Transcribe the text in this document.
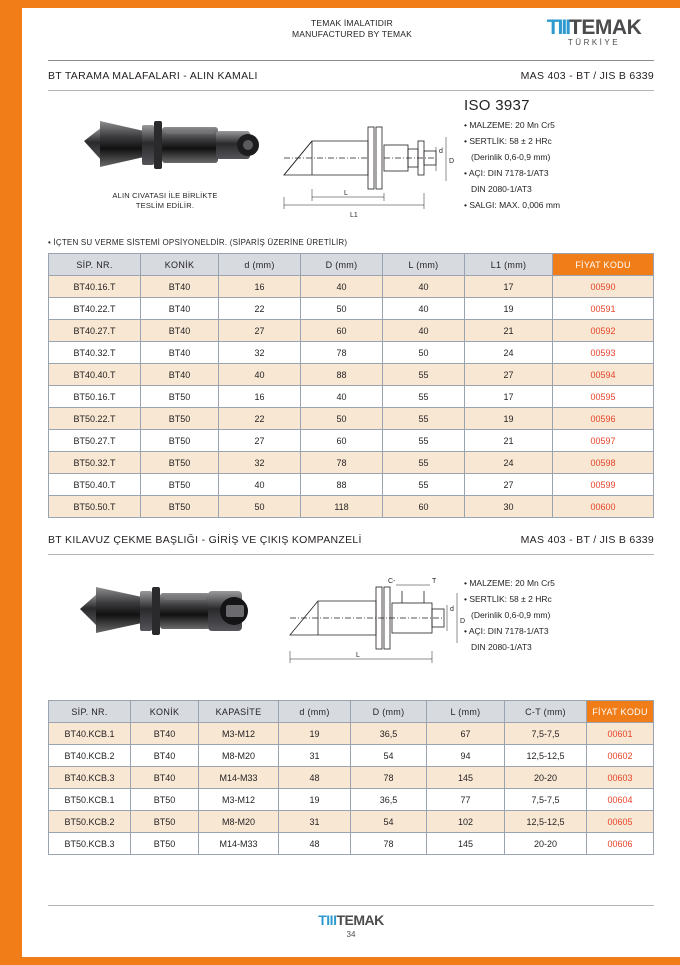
TEMAK İMALATIDIR
MANUFACTURED BY TEMAK	TIIITEMAK
TÜRKİYE
BT TARAMA MALAFALARI - ALIN KAMALI	MAS 403 - BT / JIS B 6339
ALIN CIVATASI İLE BİRLİKTE
TESLİM EDİLİR.
d
D
L
L1
ISO 3937
• MALZEME: 20 Mn Cr5
• SERTLİK: 58 ± 2 HRc
(Derinlik 0,6-0,9 mm)
• AÇI: DIN 7178-1/AT3
DIN 2080-1/AT3
• SALGI: MAX. 0,006 mm
• İÇTEN SU VERME SİSTEMİ OPSİYONELDİR. (SİPARİŞ ÜZERİNE ÜRETİLİR)
SİP. NR.	KONİK	d (mm)	D (mm)	L (mm)	L1 (mm)	FİYAT KODU
BT40.16.T	BT40	16	40	40	17	00590
BT40.22.T	BT40	22	50	40	19	00591
BT40.27.T	BT40	27	60	40	21	00592
BT40.32.T	BT40	32	78	50	24	00593
BT40.40.T	BT40	40	88	55	27	00594
BT50.16.T	BT50	16	40	55	17	00595
BT50.22.T	BT50	22	50	55	19	00596
BT50.27.T	BT50	27	60	55	21	00597
BT50.32.T	BT50	32	78	55	24	00598
BT50.40.T	BT50	40	88	55	27	00599
BT50.50.T	BT50	50	118	60	30	00600
BT KILAVUZ ÇEKME BAŞLIĞI - GİRİŞ VE ÇIKIŞ KOMPANZELİ	MAS 403 - BT / JIS B 6339
C-	T
d
D
L
• MALZEME: 20 Mn Cr5
• SERTLİK: 58 ± 2 HRc
(Derinlik 0,6-0,9 mm)
• AÇI: DIN 7178-1/AT3
DIN 2080-1/AT3
SİP. NR.	KONİK	KAPASİTE	d (mm)	D (mm)	L (mm)	C-T (mm)	FİYAT KODU
BT40.KCB.1	BT40	M3-M12	19	36,5	67	7,5-7,5	00601
BT40.KCB.2	BT40	M8-M20	31	54	94	12,5-12,5	00602
BT40.KCB.3	BT40	M14-M33	48	78	145	20-20	00603
BT50.KCB.1	BT50	M3-M12	19	36,5	77	7,5-7,5	00604
BT50.KCB.2	BT50	M8-M20	31	54	102	12,5-12,5	00605
BT50.KCB.3	BT50	M14-M33	48	78	145	20-20	00606
TIIITEMAK
34
